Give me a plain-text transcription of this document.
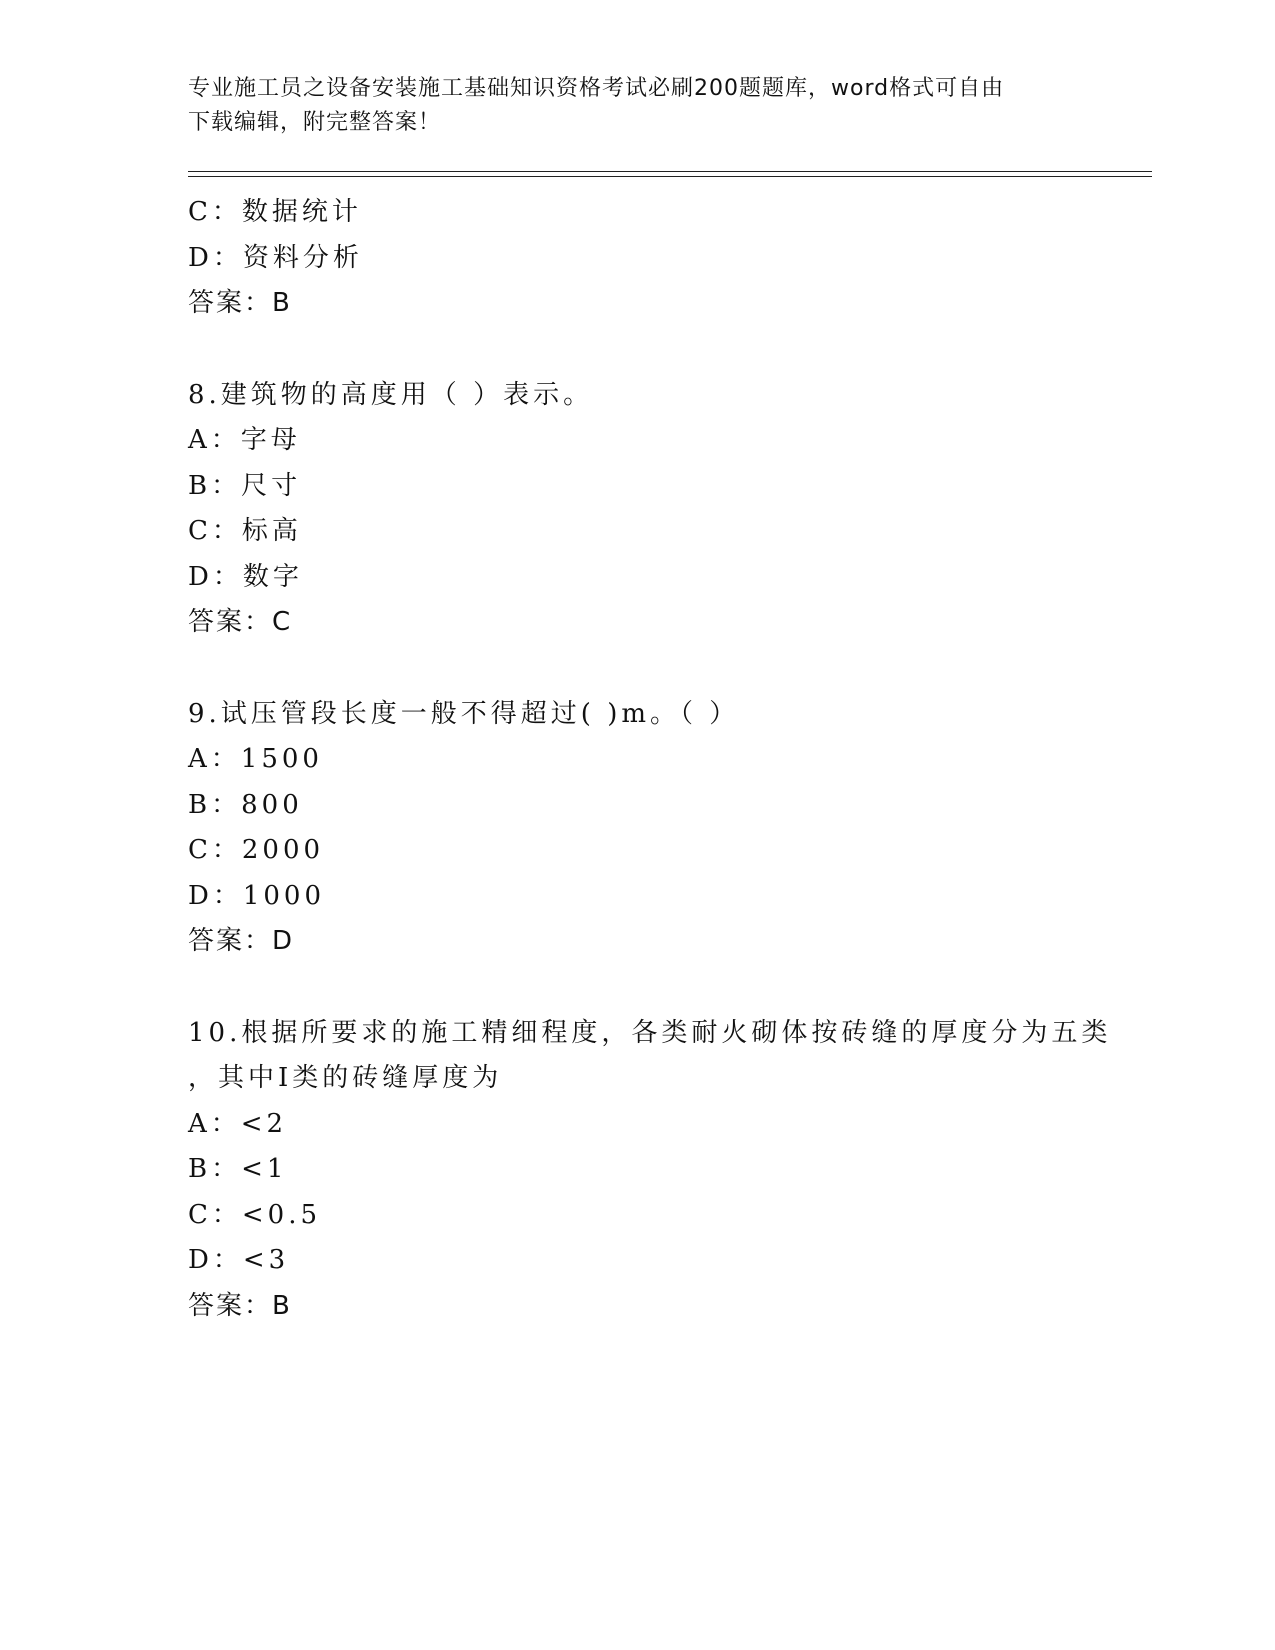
专业施工员之设备安装施工基础知识资格考试必刷200题题库，word格式可自由
下载编辑，附完整答案！
C：数据统计
D：资料分析
答案：B
8.建筑物的高度用（ ）表示。
A：字母
B：尺寸
C：标高
D：数字
答案：C
9.试压管段长度一般不得超过( )m。（ ）
A：1500
B：800
C：2000
D：1000
答案：D
10.根据所要求的施工精细程度，各类耐火砌体按砖缝的厚度分为五类
，其中Ⅰ类的砖缝厚度为
A：<2
B：<1
C：<0.5
D：<3
答案：B
